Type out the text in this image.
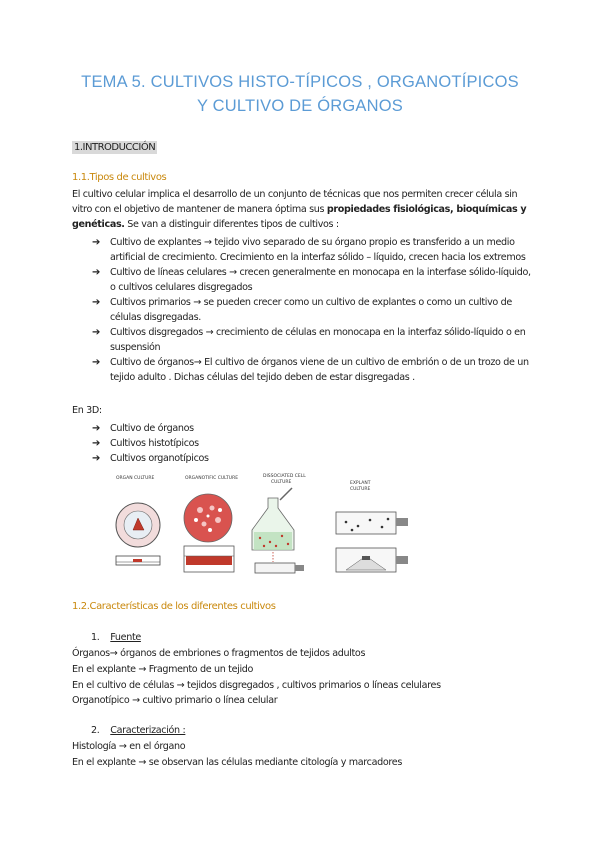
TEMA 5. CULTIVOS HISTO-TÍPICOS , ORGANOTÍPICOS
Y CULTIVO DE ÓRGANOS
1.INTRODUCCIÓN
1.1.Tipos de cultivos
El cultivo celular implica el desarrollo de un conjunto de técnicas que nos permiten crecer célula sin vitro con el objetivo de mantener de manera óptima sus propiedades fisiológicas, bioquímicas y genéticas. Se van a distinguir diferentes tipos de cultivos :
➔ Cultivo de explantes → tejido vivo separado de su órgano propio es transferido a un medio artificial de crecimiento. Crecimiento en la interfaz sólido – líquido, crecen hacia los extremos
➔ Cultivo de líneas celulares → crecen generalmente en monocapa en la interfase sólido-líquido, o cultivos celulares disgregados
➔ Cultivos primarios → se pueden crecer como un cultivo de explantes o como un cultivo de células disgregadas.
➔ Cultivos disgregados → crecimiento de células en monocapa en la interfaz sólido-líquido o en suspensión
➔ Cultivo de órganos→ El cultivo de órganos viene de un cultivo de embrión o de un trozo de un tejido adulto . Dichas células del tejido deben de estar disgregadas .
En 3D:
➔ Cultivo de órganos
➔ Cultivos histotípicos
➔ Cultivos organotípicos
ORGAN CULTURE	ORGANOTIFIC CULTURE	DISSOCIATED CELL
CULTURE	EXPLANT
CULTURE
1.2.Características de los diferentes cultivos
1. Fuente
Órganos→ órganos de embriones o fragmentos de tejidos adultos
En el explante → Fragmento de un tejido
En el cultivo de células → tejidos disgregados , cultivos primarios o líneas celulares
Organotípico → cultivo primario o línea celular
2. Caracterización :
Histología → en el órgano
En el explante → se observan las células mediante citología y marcadores
